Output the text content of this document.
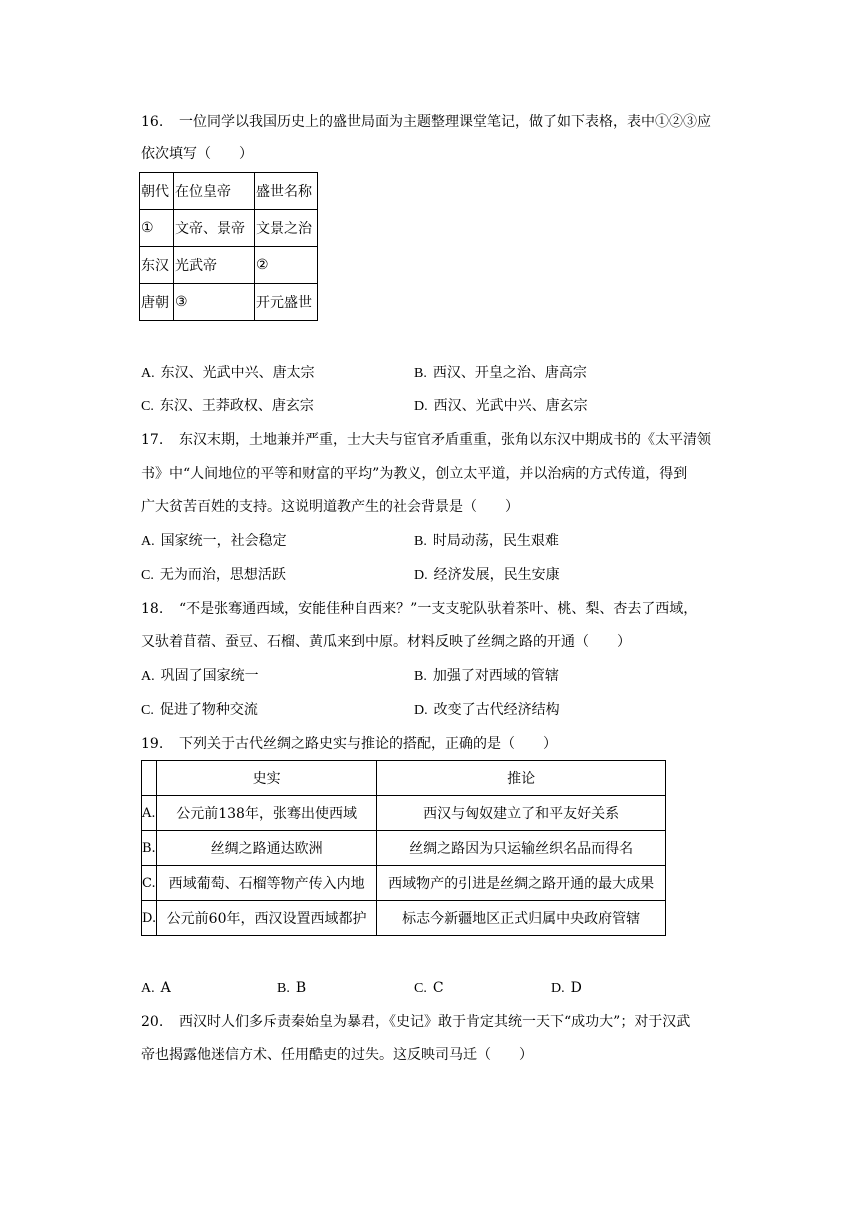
16. 一位同学以我国历史上的盛世局面为主题整理课堂笔记，做了如下表格，表中①②③应
依次填写（　　）
朝代	在位皇帝	盛世名称
①	文帝、景帝	文景之治
东汉	光武帝	②
唐朝	③	开元盛世
A. 东汉、光武中兴、唐太宗	B. 西汉、开皇之治、唐高宗
C. 东汉、王莽政权、唐玄宗	D. 西汉、光武中兴、唐玄宗
17. 东汉末期，土地兼并严重，士大夫与宦官矛盾重重，张角以东汉中期成书的《太平清领
书》中“人间地位的平等和财富的平均”为教义，创立太平道，并以治病的方式传道，得到
广大贫苦百姓的支持。这说明道教产生的社会背景是（　　）
A. 国家统一，社会稳定	B. 时局动荡，民生艰难
C. 无为而治，思想活跃	D. 经济发展，民生安康
18. “不是张骞通西域，安能佳种自西来？”一支支驼队驮着茶叶、桃、梨、杏去了西域，
又驮着苜蓿、蚕豆、石榴、黄瓜来到中原。材料反映了丝绸之路的开通（　　）
A. 巩固了国家统一	B. 加强了对西域的管辖
C. 促进了物种交流	D. 改变了古代经济结构
19. 下列关于古代丝绸之路史实与推论的搭配，正确的是（　　）
	史实	推论
A.	公元前138年，张骞出使西域	西汉与匈奴建立了和平友好关系
B.	丝绸之路通达欧洲	丝绸之路因为只运输丝织名品而得名
C.	西域葡萄、石榴等物产传入内地	西域物产的引进是丝绸之路开通的最大成果
D.	公元前60年，西汉设置西域都护	标志今新疆地区正式归属中央政府管辖
A. A	B. B	C. C	D. D
20. 西汉时人们多斥责秦始皇为暴君，《史记》敢于肯定其统一天下“成功大”；对于汉武
帝也揭露他迷信方术、任用酷吏的过失。这反映司马迁（　　）
